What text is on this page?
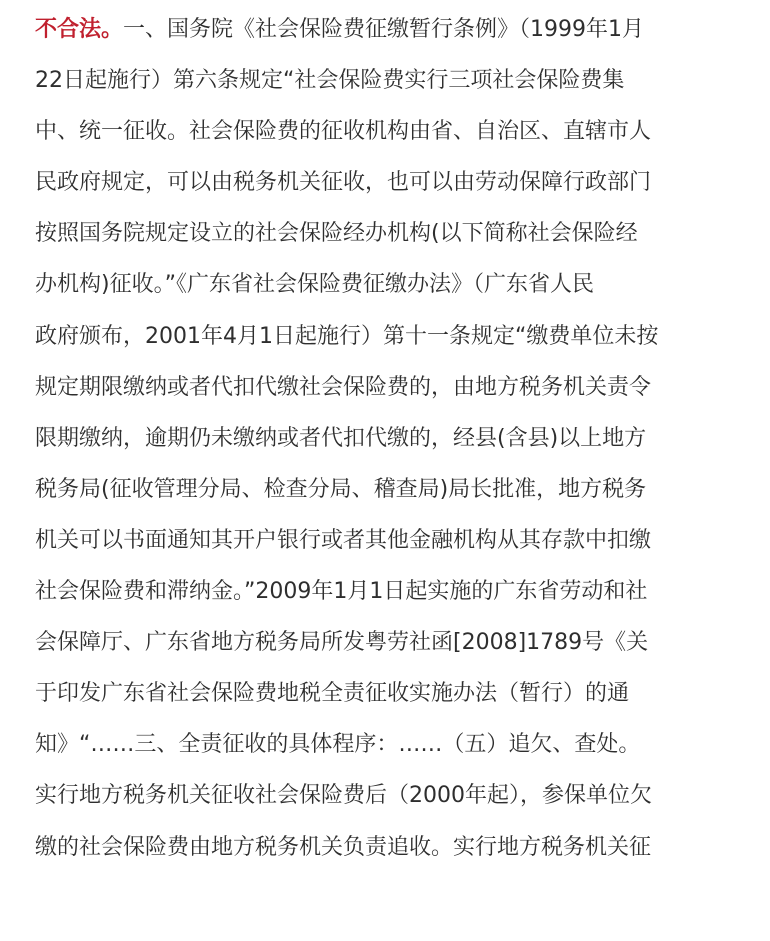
不合法。一、国务院《社会保险费征缴暂行条例》（1999年1月
22日起施行）第六条规定“社会保险费实行三项社会保险费集
中、统一征收。社会保险费的征收机构由省、自治区、直辖市人
民政府规定，可以由税务机关征收，也可以由劳动保障行政部门
按照国务院规定设立的社会保险经办机构(以下简称社会保险经
办机构)征收。”《广东省社会保险费征缴办法》（广东省人民
政府颁布，2001年4月1日起施行）第十一条规定“缴费单位未按
规定期限缴纳或者代扣代缴社会保险费的，由地方税务机关责令
限期缴纳，逾期仍未缴纳或者代扣代缴的，经县(含县)以上地方
税务局(征收管理分局、检查分局、稽查局)局长批准，地方税务
机关可以书面通知其开户银行或者其他金融机构从其存款中扣缴
社会保险费和滞纳金。”2009年1月1日起实施的广东省劳动和社
会保障厅、广东省地方税务局所发粤劳社函[2008]1789号《关
于印发广东省社会保险费地税全责征收实施办法（暂行）的通
知》“……三、全责征收的具体程序：……（五）追欠、查处。
实行地方税务机关征收社会保险费后（2000年起），参保单位欠
缴的社会保险费由地方税务机关负责追收。实行地方税务机关征
